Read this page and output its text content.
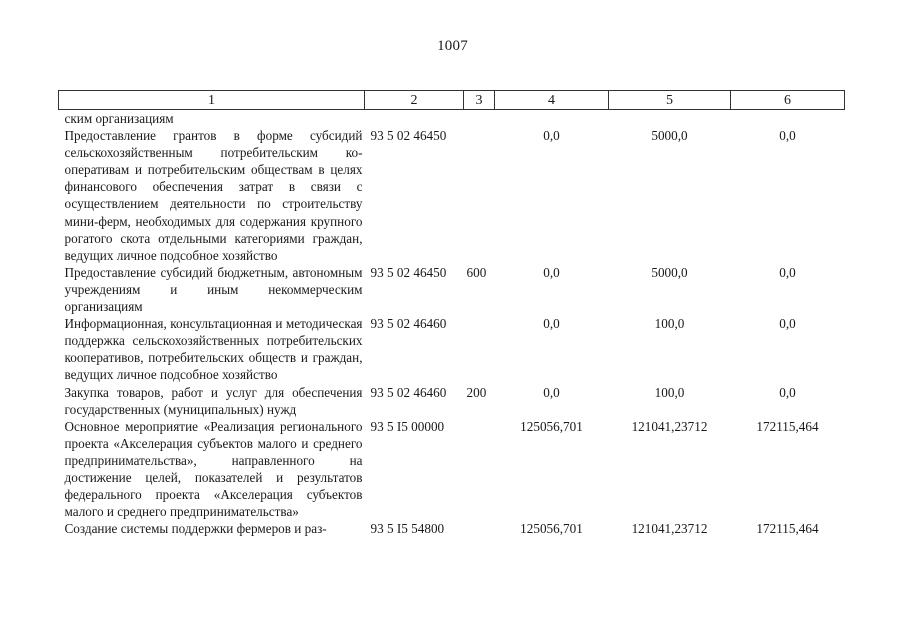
1007
1	2	3	4	5	6
ским организациям					
Предоставление грантов в форме субсидий сельскохозяйственным потребительским кооперативам и потребительским обществам в целях финансового обеспечения затрат в связи с осуществлением деятельности по строительству мини-ферм, необходимых для содержания крупного рогатого скота отдельными категориями граждан, ведущих личное подсобное хозяйство	93 5 02 46450		0,0	5000,0	0,0
Предоставление субсидий бюджетным, автономным учреждениям и иным некоммерческим организациям	93 5 02 46450	600	0,0	5000,0	0,0
Информационная, консультационная и методическая поддержка сельскохозяйственных потребительских кооперативов, потребительских обществ и граждан, ведущих личное подсобное хозяйство	93 5 02 46460		0,0	100,0	0,0
Закупка товаров, работ и услуг для обеспечения государственных (муниципальных) нужд	93 5 02 46460	200	0,0	100,0	0,0
Основное мероприятие «Реализация регионального проекта «Акселерация субъектов малого и среднего предпринимательства», направленного на достижение целей, показателей и результатов федерального проекта «Акселерация субъектов малого и среднего предпринимательства»	93 5 I5 00000		125056,701	121041,23712	172115,464
Создание системы поддержки фермеров и раз-	93 5 I5 54800		125056,701	121041,23712	172115,464
